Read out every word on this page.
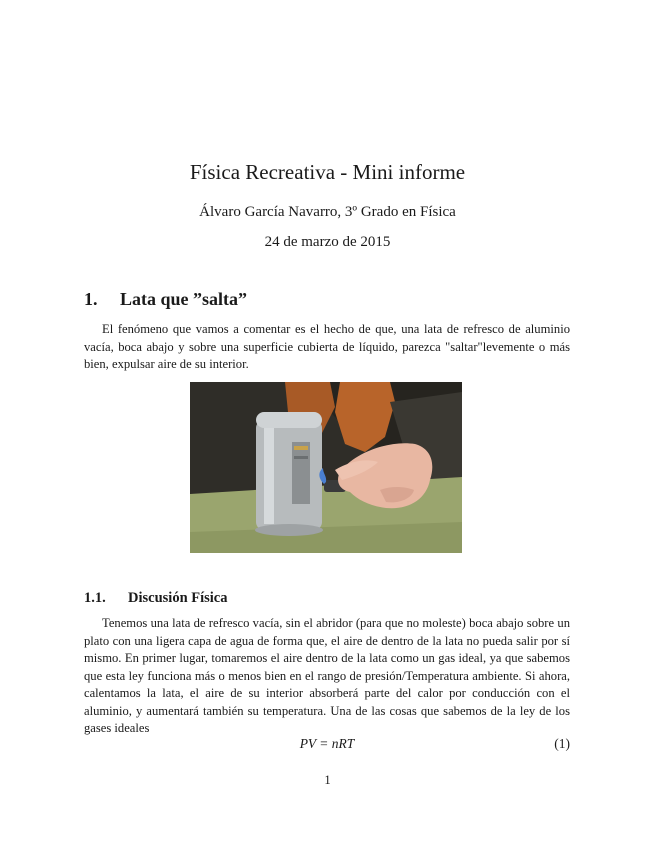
Física Recreativa - Mini informe
Álvaro García Navarro, 3º Grado en Física
24 de marzo de 2015
1. Lata que ”salta”
El fenómeno que vamos a comentar es el hecho de que, una lata de refresco de aluminio vacía, boca abajo y sobre una superficie cubierta de líquido, parezca "saltar"levemente o más bien, expulsar aire de su interior.
1.1. Discusión Física
Tenemos una lata de refresco vacía, sin el abridor (para que no moleste) boca abajo sobre un plato con una ligera capa de agua de forma que, el aire de dentro de la lata no pueda salir por sí mismo. En primer lugar, tomaremos el aire dentro de la lata como un gas ideal, ya que sabemos que esta ley funciona más o menos bien en el rango de presión/Temperatura ambiente. Si ahora, calentamos la lata, el aire de su interior absorberá parte del calor por conducción con el aluminio, y aumentará también su temperatura. Una de las cosas que sabemos de la ley de los gases ideales
PV = nRT	(1)
1
